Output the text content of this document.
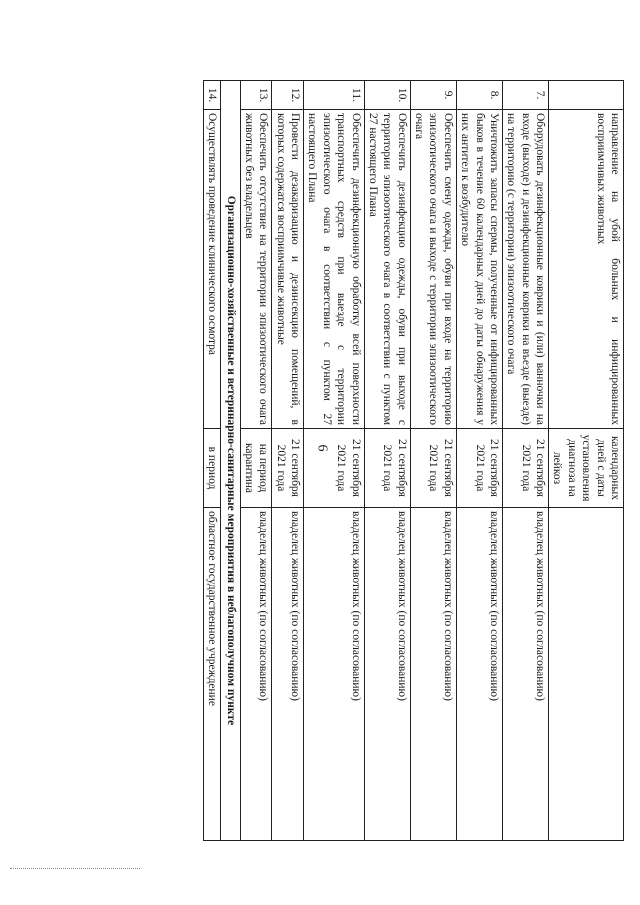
6
	направление на убой больных и инфицированных восприимчивых животных	календарных дней с даты установления диагноза на лейкоз	
7.	Оборудовать дезинфекционные коврики и (или) ванночки на входе (выходе) и дезинфекционные коврики на въезде (выезде) на территорию (с территории) эпизоотического очага	21 сентября 2021 года	владелец животных (по согласованию)
8.	Уничтожить запасы спермы, полученные от инфицированных быков в течение 60 календарных дней до даты обнаружения у них антител к возбудителю	21 сентября 2021 года	владелец животных (по согласованию)
9.	Обеспечить смену одежды, обуви при входе на территорию эпизоотического очага и выходе с территории эпизоотического очага	21 сентября 2021 года	владелец животных (по согласованию)
10.	Обеспечить дезинфекцию одежды, обуви при выходе с территории эпизоотического очага в соответствии с пунктом 27 настоящего Плана	21 сентября 2021 года	владелец животных (по согласованию)
11.	Обеспечить дезинфекционную обработку всей поверхности транспортных средств при выезде с территории эпизоотического очага в соответствии с пунктом 27 настоящего Плана	21 сентября 2021 года	владелец животных (по согласованию)
12.	Провести дезакаризацию и дезинсекцию помещений, в которых содержатся восприимчивые животные	21 сентября 2021 года	владелец животных (по согласованию)
13.	Обеспечить отсутствие на территории эпизоотического очага животных без владельцев	на период карантина	владелец животных (по согласованию)
Организационно-хозяйственные и ветеринарно-санитарные мероприятия в неблагополучном пункте			
14.	Осуществлять проведение клинического осмотра	в период	областное государственное учреждение
